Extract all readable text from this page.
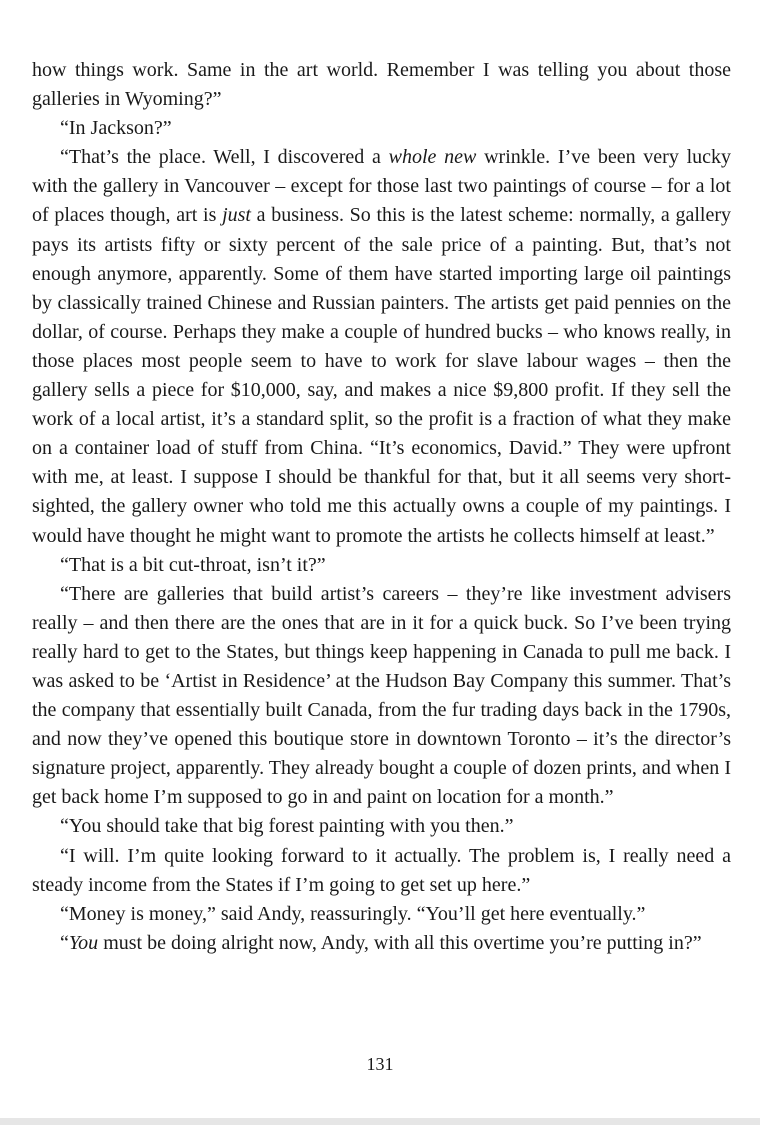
how things work. Same in the art world. Remember I was telling you about those galleries in Wyoming?”

“In Jackson?”

“That’s the place. Well, I discovered a whole new wrinkle. I’ve been very lucky with the gallery in Vancouver – except for those last two paintings of course – for a lot of places though, art is just a business. So this is the latest scheme: normally, a gallery pays its artists fifty or sixty percent of the sale price of a painting. But, that’s not enough anymore, apparently. Some of them have started importing large oil paintings by classically trained Chinese and Russian painters. The artists get paid pennies on the dollar, of course. Perhaps they make a couple of hundred bucks – who knows really, in those places most people seem to have to work for slave labour wages – then the gallery sells a piece for $10,000, say, and makes a nice $9,800 profit. If they sell the work of a local artist, it’s a standard split, so the profit is a fraction of what they make on a container load of stuff from China. “It’s economics, David.” They were upfront with me, at least. I suppose I should be thankful for that, but it all seems very short-sighted, the gallery owner who told me this actually owns a couple of my paintings. I would have thought he might want to promote the artists he collects himself at least.”

“That is a bit cut-throat, isn’t it?”

“There are galleries that build artist’s careers – they’re like investment advisers really – and then there are the ones that are in it for a quick buck. So I’ve been trying really hard to get to the States, but things keep happening in Canada to pull me back. I was asked to be ‘Artist in Residence’ at the Hudson Bay Company this summer. That’s the company that essentially built Canada, from the fur trading days back in the 1790s, and now they’ve opened this boutique store in downtown Toronto – it’s the director’s signature project, apparently. They already bought a couple of dozen prints, and when I get back home I’m supposed to go in and paint on location for a month.”

“You should take that big forest painting with you then.”

“I will. I’m quite looking forward to it actually. The problem is, I really need a steady income from the States if I’m going to get set up here.”

“Money is money,” said Andy, reassuringly. “You’ll get here eventually.”

“You must be doing alright now, Andy, with all this overtime you’re putting in?”

131
